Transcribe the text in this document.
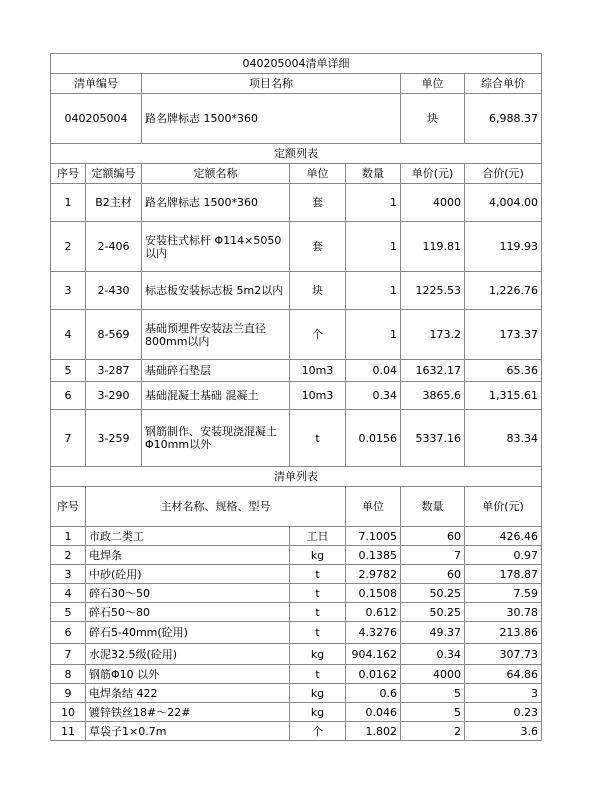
040205004清单详细							
清单编号		项目名称			单位	综合单价	
040205004		路名牌标志 1500*360			块	6,988.37	
定额列表							
序号	定额编号	定额名称	单位	数量	单价(元)	合价(元)	
1	B2主材	路名牌标志 1500*360	套	1	4000	4,004.00	
2	2-406	安装柱式标杆 Φ114×5050以内	套	1	119.81	119.93	
3	2-430	标志板安装标志板 5m2以内	块	1	1225.53	1,226.76	
4	8-569	基础预埋件安装法兰直径800mm以内	个	1	173.2	173.37	
5	3-287	基础碎石垫层	10m3	0.04	1632.17	65.36	
6	3-290	基础混凝土基础 混凝土	10m3	0.34	3865.6	1,315.61	
7	3-259	钢筋制作、安装现浇混凝土Φ10mm以外	t	0.0156	5337.16	83.34	
清单列表							
序号	主材名称、规格、型号			单位	数量	单价(元)	
1	市政二类工		工日	7.1005	60	426.46	
2	电焊条		kg	0.1385	7	0.97	
3	中砂(砼用)		t	2.9782	60	178.87	
4	碎石30～50		t	0.1508	50.25	7.59	
5	碎石50～80		t	0.612	50.25	30.78	
6	碎石5-40mm(砼用)		t	4.3276	49.37	213.86	
7	水泥32.5级(砼用)		kg	904.162	0.34	307.73	
8	钢筋Φ10 以外		t	0.0162	4000	64.86	
9	电焊条结 422		kg	0.6	5	3	
10	镀锌铁丝18#～22#		kg	0.046	5	0.23	
11	草袋子1×0.7m		个	1.802	2	3.6	
